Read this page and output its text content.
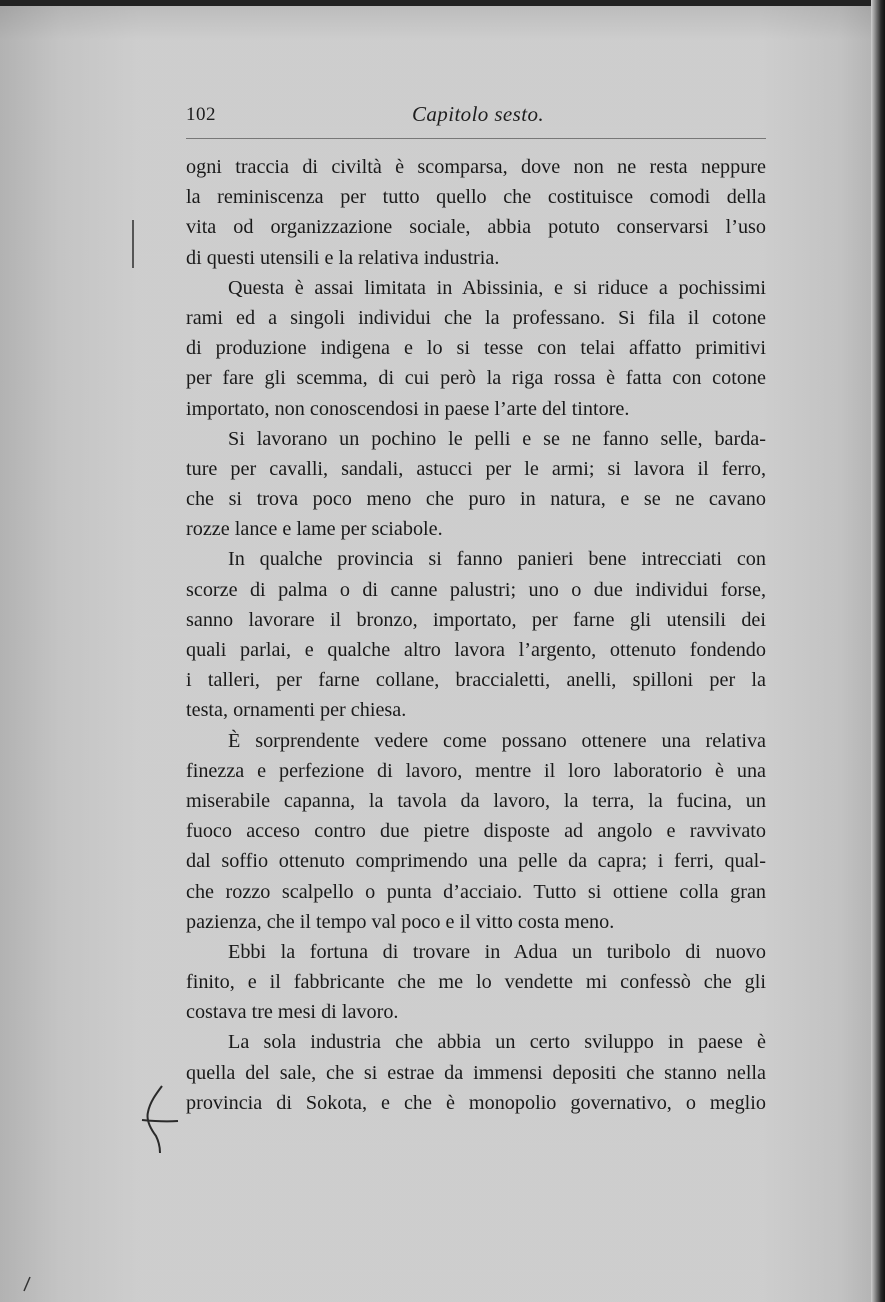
102	Capitolo sesto.
ogni traccia di civiltà è scomparsa, dove non ne resta neppure
la reminiscenza per tutto quello che costituisce comodi della
vita od organizzazione sociale, abbia potuto conservarsi l’uso
di questi utensili e la relativa industria.
Questa è assai limitata in Abissinia, e si riduce a pochissimi
rami ed a singoli individui che la professano. Si fila il cotone
di produzione indigena e lo si tesse con telai affatto primitivi
per fare gli scemma, di cui però la riga rossa è fatta con cotone
importato, non conoscendosi in paese l’arte del tintore.
Si lavorano un pochino le pelli e se ne fanno selle, barda-
ture per cavalli, sandali, astucci per le armi; si lavora il ferro,
che si trova poco meno che puro in natura, e se ne cavano
rozze lance e lame per sciabole.
In qualche provincia si fanno panieri bene intrecciati con
scorze di palma o di canne palustri; uno o due individui forse,
sanno lavorare il bronzo, importato, per farne gli utensili dei
quali parlai, e qualche altro lavora l’argento, ottenuto fondendo
i talleri, per farne collane, braccialetti, anelli, spilloni per la
testa, ornamenti per chiesa.
È sorprendente vedere come possano ottenere una relativa
finezza e perfezione di lavoro, mentre il loro laboratorio è una
miserabile capanna, la tavola da lavoro, la terra, la fucina, un
fuoco acceso contro due pietre disposte ad angolo e ravvivato
dal soffio ottenuto comprimendo una pelle da capra; i ferri, qual-
che rozzo scalpello o punta d’acciaio. Tutto si ottiene colla gran
pazienza, che il tempo val poco e il vitto costa meno.
Ebbi la fortuna di trovare in Adua un turibolo di nuovo
finito, e il fabbricante che me lo vendette mi confessò che gli
costava tre mesi di lavoro.
La sola industria che abbia un certo sviluppo in paese è
quella del sale, che si estrae da immensi depositi che stanno nella
provincia di Sokota, e che è monopolio governativo, o meglio
